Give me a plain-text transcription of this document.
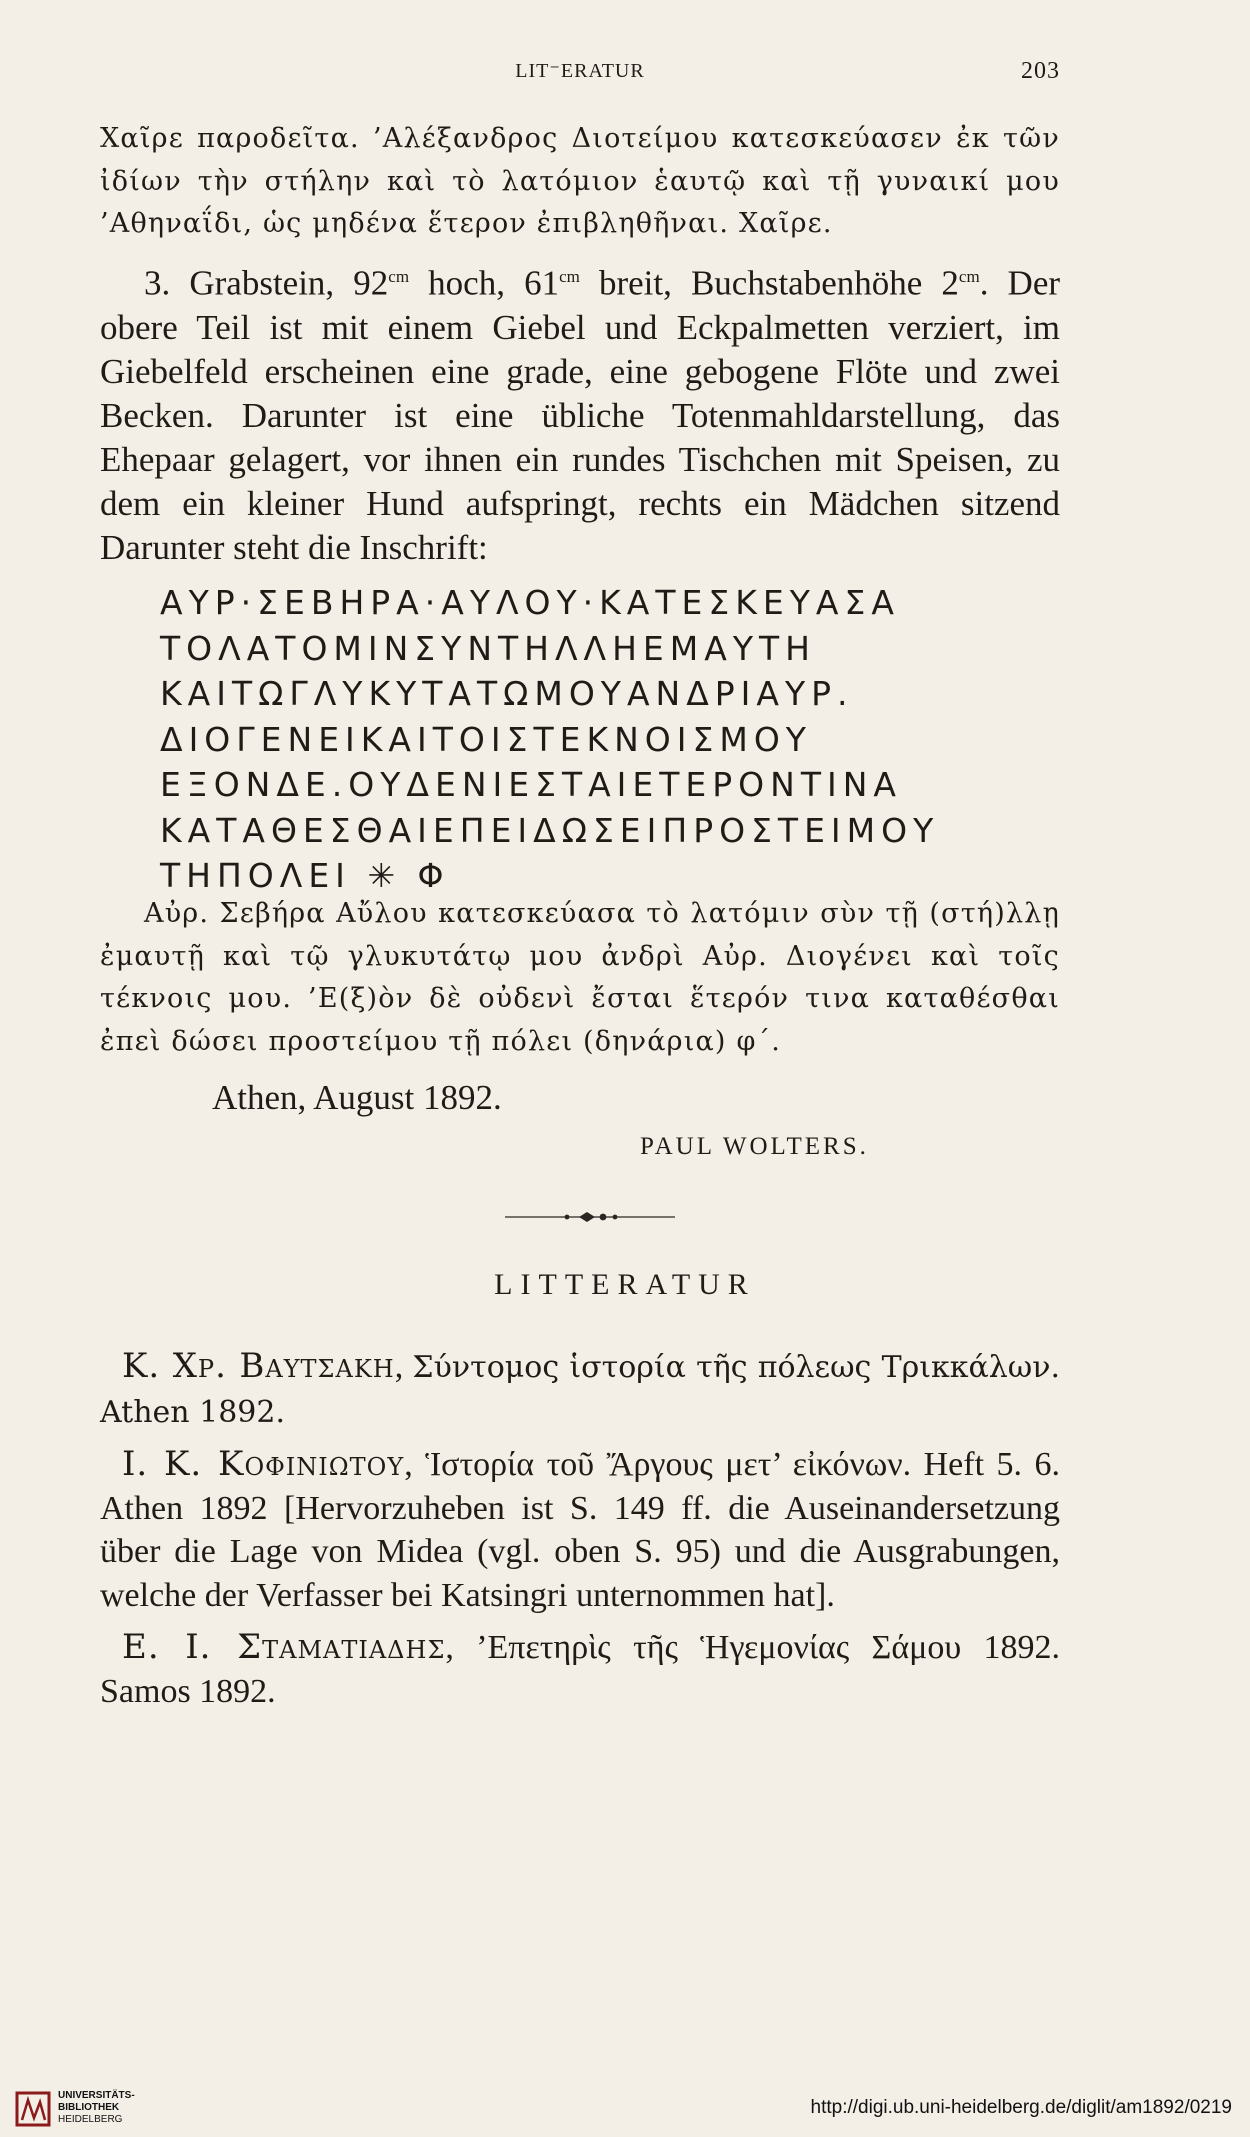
LIT⁻ERATUR	203

Χαῖρε παροδεῖτα. ’Αλέξανδρος Διοτείμου κατεσκεύασεν ἐκ τῶν ἰδίων τὴν στήλην καὶ τὸ λατόμιον ἑαυτῷ καὶ τῇ γυναικί μου ’Αθηναΐδι, ὡς μηδένα ἕτερον ἐπιβληθῆναι. Χαῖρε.

3. Grabstein, $92^{cm}$ hoch, $61^{cm}$ breit, Buchstabenhöhe $2^{cm}$. Der obere Teil ist mit einem Giebel und Eckpalmetten verziert, im Giebelfeld erscheinen eine grade, eine gebogene Flöte und zwei Becken. Darunter ist eine übliche Totenmahldarstellung, das Ehepaar gelagert, vor ihnen ein rundes Tischchen mit Speisen, zu dem ein kleiner Hund aufspringt, rechts ein Mädchen sitzend Darunter steht die Inschrift:

ΑΥΡ·ΣΕΒΗΡΑ·ΑΥΛΟΥ·ΚΑΤΕΣΚΕΥΑΣΑ
ΤΟΛΑΤΟΜΙΝΣΥΝΤΗΛΛΗΕΜΑΥΤΗ
ΚΑΙΤΩΓΛΥΚΥΤΑΤΩΜΟΥΑΝΔΡΙΑΥΡ.
ΔΙΟΓΕΝΕΙΚΑΙΤΟΙΣΤΕΚΝΟΙΣΜΟΥ
ΕΞΟΝΔΕ.ΟΥΔΕΝΙΕΣΤΑΙΕΤΕΡΟΝΤΙΝΑ
ΚΑΤΑΘΕΣΘΑΙΕΠΕΙΔΩΣΕΙΠΡΟΣΤΕΙΜΟΥ
ΤΗΠΟΛΕΙ ✳ Φ

Αὐρ. Σεβήρα Αὔλου κατεσκεύασα τὸ λατόμιν σὺν τῇ (στή)λλῃ ἐμαυτῇ καὶ τῷ γλυκυτάτῳ μου ἀνδρὶ Αὐρ. Διογένει καὶ τοῖς τέκνοις μου. ’Ε(ξ)ὸν δὲ οὐδενὶ ἔσται ἕτερόν τινα καταθέσθαι ἐπεὶ δώσει προστείμου τῇ πόλει (δηνάρια) φ΄.

Athen, August 1892.
PAUL WOLTERS.
LITTERATUR

Κ. Χρ. Βαυτσακη, Σύντομος ἱστορία τῆς πόλεως Τρικκάλων. Athen 1892.

Ι. Κ. Κοφινιωτου, Ἱστορία τοῦ Ἄργους μετ’ εἰκόνων. Heft 5. 6. Athen 1892 [Hervorzuheben ist S. 149 ff. die Auseinandersetzung über die Lage von Midea (vgl. oben S. 95) und die Ausgrabungen, welche der Verfasser bei Katsingri unternommen hat].

Ε. Ι. Σταματιαδησ, ’Επετηρὶς τῆς Ἡγεμονίας Σάμου 1892. Samos 1892.

UNIVERSITÄTS-
BIBLIOTHEK
HEIDELBERG
http://digi.ub.uni-heidelberg.de/diglit/am1892/0219
